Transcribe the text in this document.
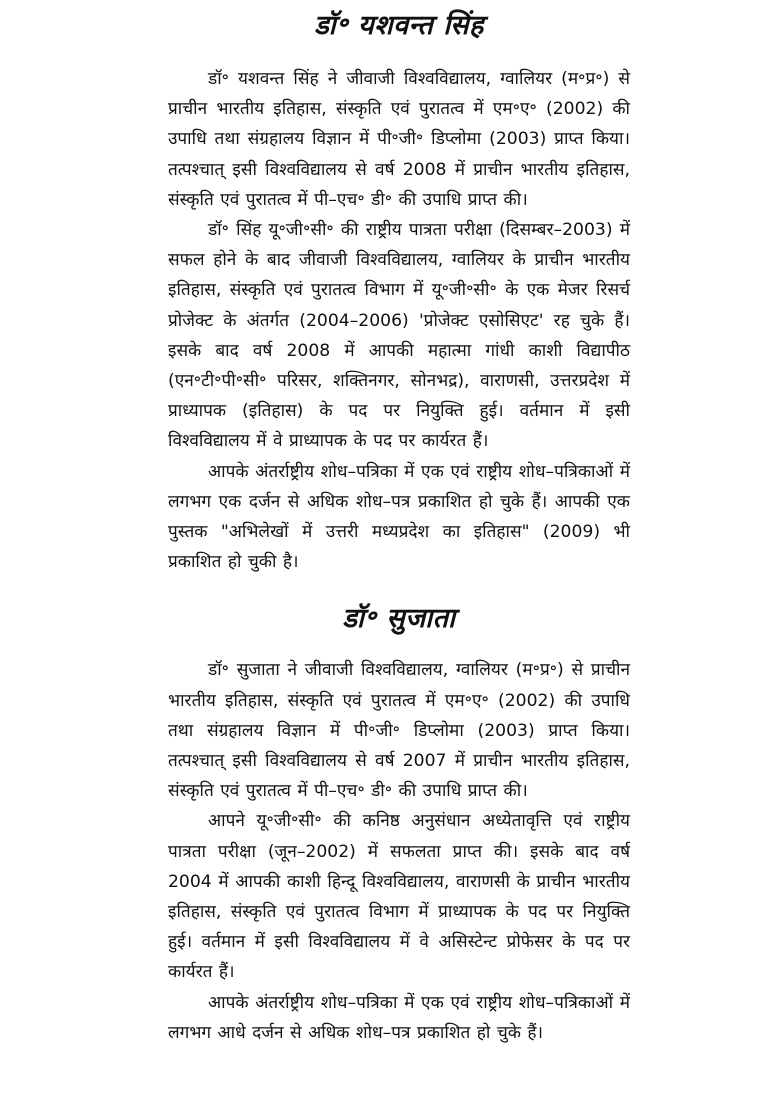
डॉ॰ यशवन्त सिंह

डॉ॰ यशवन्त सिंह ने जीवाजी विश्वविद्यालय, ग्वालियर (म॰प्र॰) से प्राचीन भारतीय इतिहास, संस्कृति एवं पुरातत्व में एम॰ए॰ (2002) की उपाधि तथा संग्रहालय विज्ञान में पी॰जी॰ डिप्लोमा (2003) प्राप्त किया। तत्पश्चात् इसी विश्वविद्यालय से वर्ष 2008 में प्राचीन भारतीय इतिहास, संस्कृति एवं पुरातत्व में पी–एच॰ डी॰ की उपाधि प्राप्त की।

डॉ॰ सिंह यू॰जी॰सी॰ की राष्ट्रीय पात्रता परीक्षा (दिसम्बर–2003) में सफल होने के बाद जीवाजी विश्वविद्यालय, ग्वालियर के प्राचीन भारतीय इतिहास, संस्कृति एवं पुरातत्व विभाग में यू॰जी॰सी॰ के एक मेजर रिसर्च प्रोजेक्ट के अंतर्गत (2004–2006) 'प्रोजेक्ट एसोसिएट' रह चुके हैं। इसके बाद वर्ष 2008 में आपकी महात्मा गांधी काशी विद्यापीठ (एन॰टी॰पी॰सी॰ परिसर, शक्तिनगर, सोनभद्र), वाराणसी, उत्तरप्रदेश में प्राध्यापक (इतिहास) के पद पर नियुक्ति हुई। वर्तमान में इसी विश्वविद्यालय में वे प्राध्यापक के पद पर कार्यरत हैं।

आपके अंतर्राष्ट्रीय शोध–पत्रिका में एक एवं राष्ट्रीय शोध–पत्रिकाओं में लगभग एक दर्जन से अधिक शोध–पत्र प्रकाशित हो चुके हैं। आपकी एक पुस्तक "अभिलेखों में उत्तरी मध्यप्रदेश का इतिहास" (2009) भी प्रकाशित हो चुकी है।

डॉ॰ सुजाता

डॉ॰ सुजाता ने जीवाजी विश्वविद्यालय, ग्वालियर (म॰प्र॰) से प्राचीन भारतीय इतिहास, संस्कृति एवं पुरातत्व में एम॰ए॰ (2002) की उपाधि तथा संग्रहालय विज्ञान में पी॰जी॰ डिप्लोमा (2003) प्राप्त किया। तत्पश्चात् इसी विश्वविद्यालय से वर्ष 2007 में प्राचीन भारतीय इतिहास, संस्कृति एवं पुरातत्व में पी–एच॰ डी॰ की उपाधि प्राप्त की।

आपने यू॰जी॰सी॰ की कनिष्ठ अनुसंधान अध्येतावृत्ति एवं राष्ट्रीय पात्रता परीक्षा (जून–2002) में सफलता प्राप्त की। इसके बाद वर्ष 2004 में आपकी काशी हिन्दू विश्वविद्यालय, वाराणसी के प्राचीन भारतीय इतिहास, संस्कृति एवं पुरातत्व विभाग में प्राध्यापक के पद पर नियुक्ति हुई। वर्तमान में इसी विश्वविद्यालय में वे असिस्टेन्ट प्रोफेसर के पद पर कार्यरत हैं।

आपके अंतर्राष्ट्रीय शोध–पत्रिका में एक एवं राष्ट्रीय शोध–पत्रिकाओं में लगभग आधे दर्जन से अधिक शोध–पत्र प्रकाशित हो चुके हैं।
